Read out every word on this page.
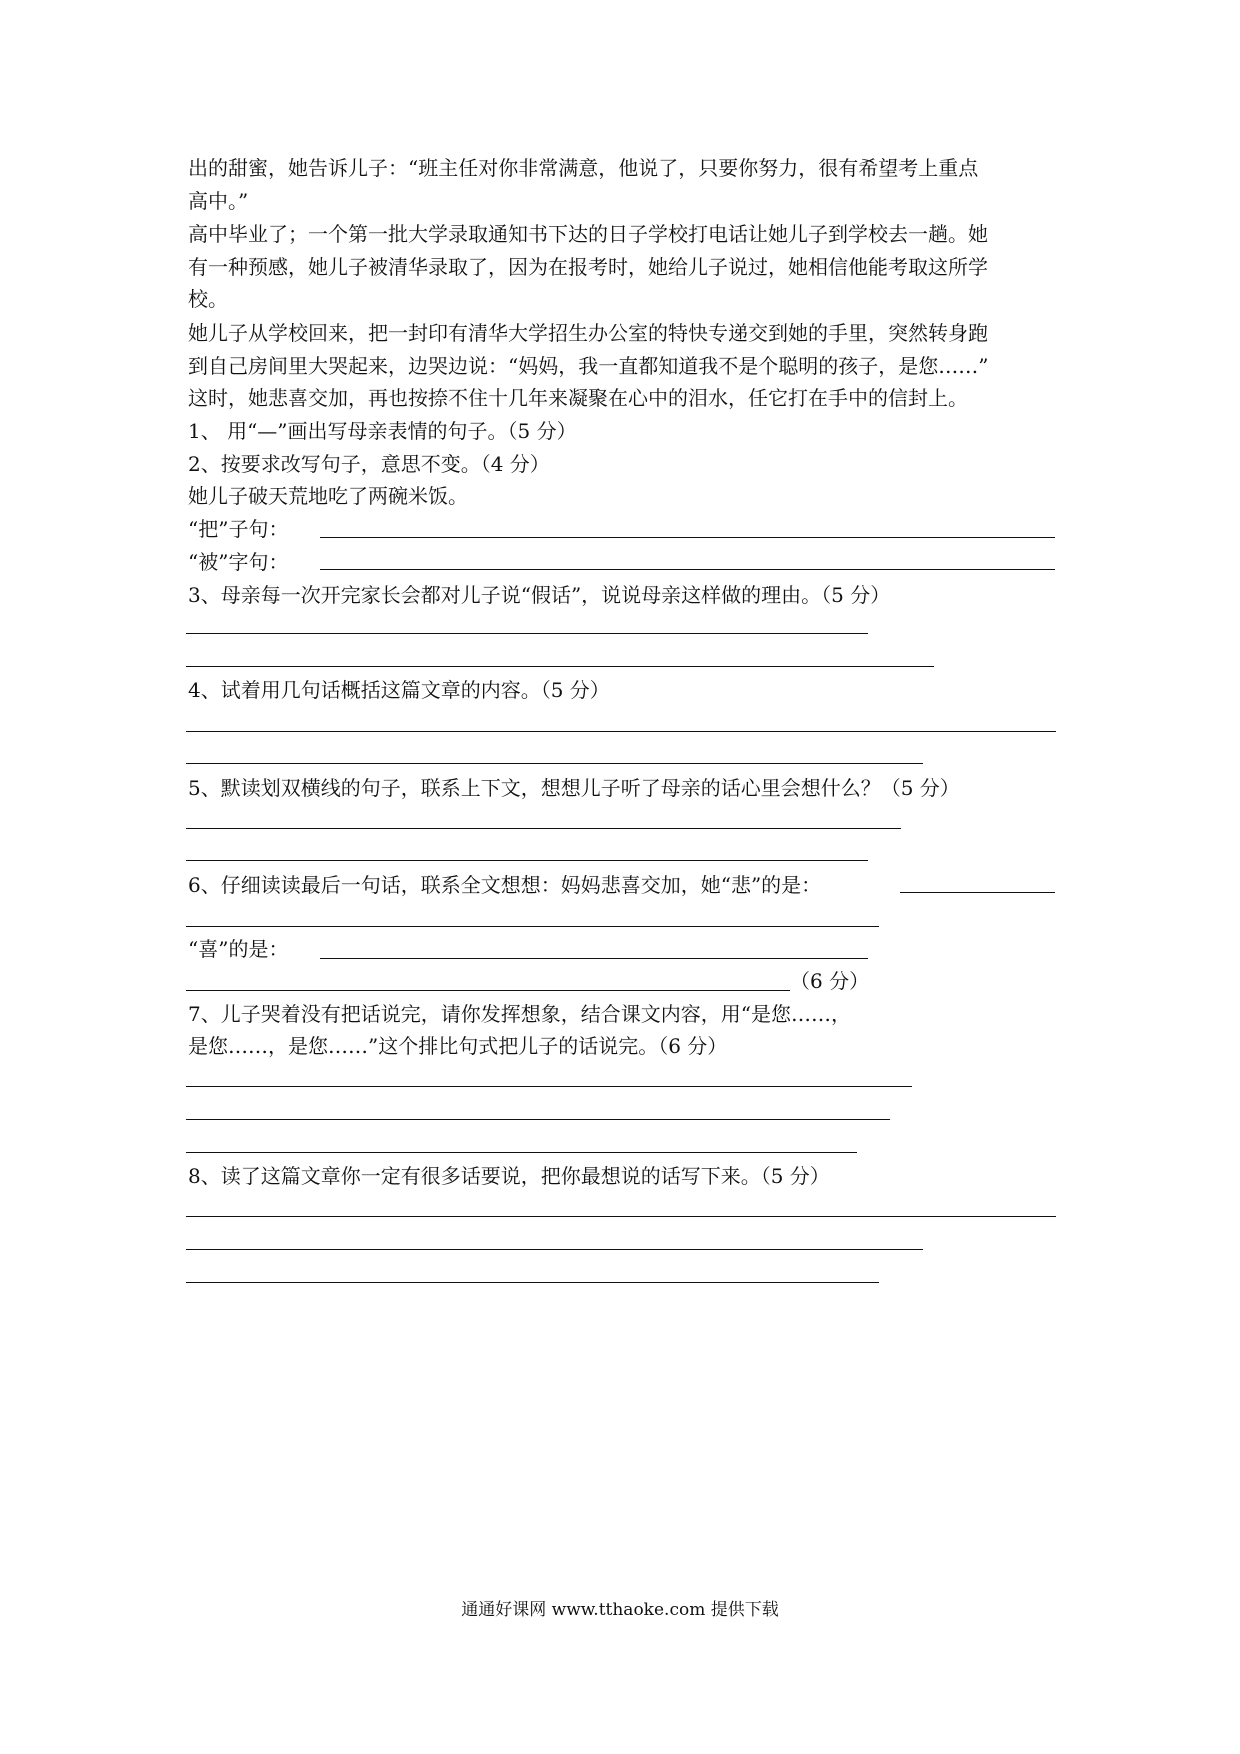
出的甜蜜，她告诉儿子：“班主任对你非常满意，他说了，只要你努力，很有希望考上重点
高中。”
高中毕业了；一个第一批大学录取通知书下达的日子学校打电话让她儿子到学校去一趟。她
有一种预感，她儿子被清华录取了，因为在报考时，她给儿子说过，她相信他能考取这所学
校。
她儿子从学校回来，把一封印有清华大学招生办公室的特快专递交到她的手里，突然转身跑
到自己房间里大哭起来，边哭边说：“妈妈，我一直都知道我不是个聪明的孩子，是您……”
这时，她悲喜交加，再也按捺不住十几年来凝聚在心中的泪水，任它打在手中的信封上。
1、 用“—”画出写母亲表情的句子。（5 分）
2、按要求改写句子，意思不变。（4 分）
她儿子破天荒地吃了两碗米饭。
“把”子句：
“被”字句：
3、母亲每一次开完家长会都对儿子说“假话”，说说母亲这样做的理由。（5 分）
4、试着用几句话概括这篇文章的内容。（5 分）
5、默读划双横线的句子，联系上下文，想想儿子听了母亲的话心里会想什么？（5 分）
6、仔细读读最后一句话，联系全文想想：妈妈悲喜交加，她“悲”的是：
“喜”的是：
（6 分）
7、儿子哭着没有把话说完，请你发挥想象，结合课文内容，用“是您……，
是您……，是您……”这个排比句式把儿子的话说完。（6 分）
8、读了这篇文章你一定有很多话要说，把你最想说的话写下来。（5 分）
通通好课网 www.tthaoke.com 提供下载
